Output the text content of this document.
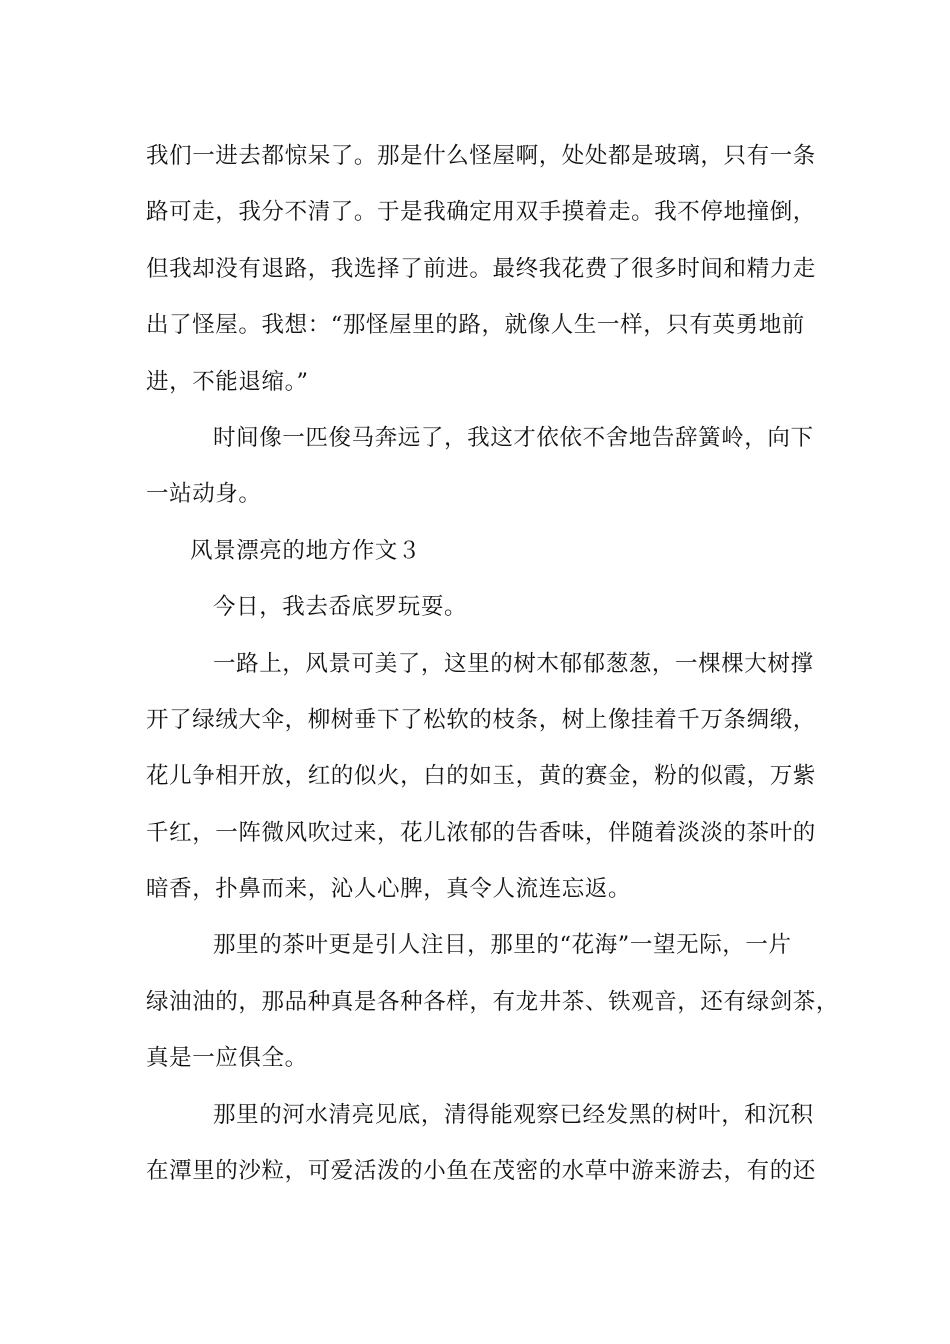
我们一进去都惊呆了。那是什么怪屋啊，处处都是玻璃，只有一条
路可走，我分不清了。于是我确定用双手摸着走。我不停地撞倒，
但我却没有退路，我选择了前进。最终我花费了很多时间和精力走
出了怪屋。我想：“那怪屋里的路，就像人生一样，只有英勇地前
进，不能退缩。”
时间像一匹俊马奔远了，我这才依依不舍地告辞簧岭，向下
一站动身。
风景漂亮的地方作文３
今日，我去岙底罗玩耍。
一路上，风景可美了，这里的树木郁郁葱葱，一棵棵大树撑
开了绿绒大伞，柳树垂下了松软的枝条，树上像挂着千万条绸缎，
花儿争相开放，红的似火，白的如玉，黄的赛金，粉的似霞，万紫
千红，一阵微风吹过来，花儿浓郁的告香味，伴随着淡淡的茶叶的
暗香，扑鼻而来，沁人心脾，真令人流连忘返。
那里的茶叶更是引人注目，那里的“花海”一望无际，一片
绿油油的，那品种真是各种各样，有龙井茶、铁观音，还有绿剑茶，
真是一应俱全。
那里的河水清亮见底，清得能观察已经发黑的树叶，和沉积
在潭里的沙粒，可爱活泼的小鱼在茂密的水草中游来游去，有的还
